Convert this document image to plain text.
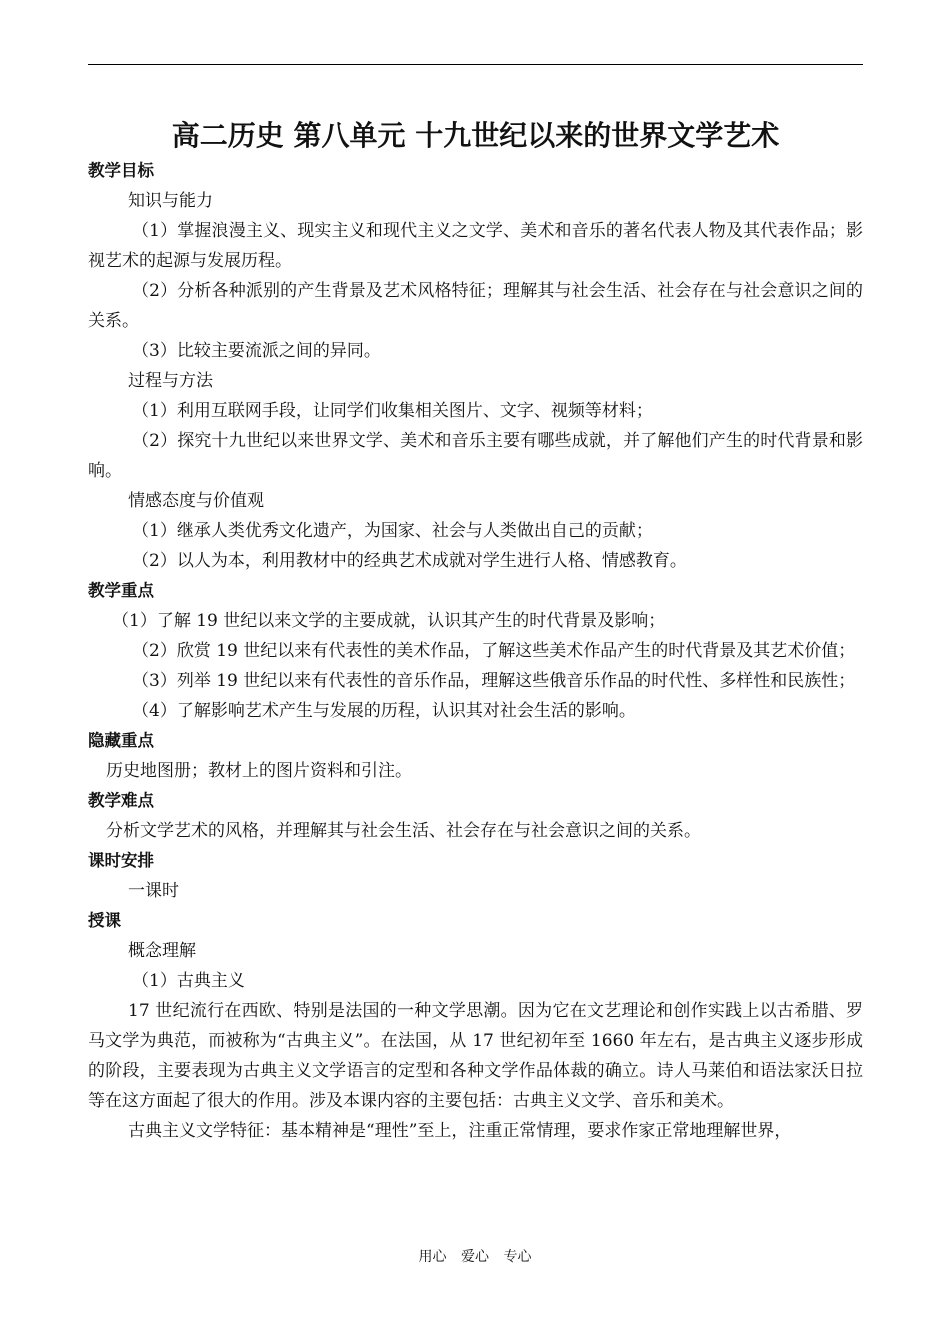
高二历史 第八单元 十九世纪以来的世界文学艺术

教学目标

知识与能力

（1）掌握浪漫主义、现实主义和现代主义之文学、美术和音乐的著名代表人物及其代表作品；影视艺术的起源与发展历程。

（2）分析各种派别的产生背景及艺术风格特征；理解其与社会生活、社会存在与社会意识之间的关系。

（3）比较主要流派之间的异同。

过程与方法

（1）利用互联网手段，让同学们收集相关图片、文字、视频等材料；

（2）探究十九世纪以来世界文学、美术和音乐主要有哪些成就，并了解他们产生的时代背景和影响。

情感态度与价值观

（1）继承人类优秀文化遗产，为国家、社会与人类做出自己的贡献；

（2）以人为本，利用教材中的经典艺术成就对学生进行人格、情感教育。

教学重点

（1）了解 19 世纪以来文学的主要成就，认识其产生的时代背景及影响；

（2）欣赏 19 世纪以来有代表性的美术作品，了解这些美术作品产生的时代背景及其艺术价值；

（3）列举 19 世纪以来有代表性的音乐作品，理解这些俄音乐作品的时代性、多样性和民族性；

（4）了解影响艺术产生与发展的历程，认识其对社会生活的影响。

隐藏重点

历史地图册；教材上的图片资料和引注。

教学难点

分析文学艺术的风格，并理解其与社会生活、社会存在与社会意识之间的关系。

课时安排

一课时

授课

概念理解

（1）古典主义

17 世纪流行在西欧、特别是法国的一种文学思潮。因为它在文艺理论和创作实践上以古希腊、罗马文学为典范，而被称为“古典主义”。在法国，从 17 世纪初年至 1660 年左右，是古典主义逐步形成的阶段，主要表现为古典主义文学语言的定型和各种文学作品体裁的确立。诗人马莱伯和语法家沃日拉等在这方面起了很大的作用。涉及本课内容的主要包括：古典主义文学、音乐和美术。

古典主义文学特征：基本精神是“理性”至上，注重正常情理，要求作家正常地理解世界，

用心 爱心 专心
